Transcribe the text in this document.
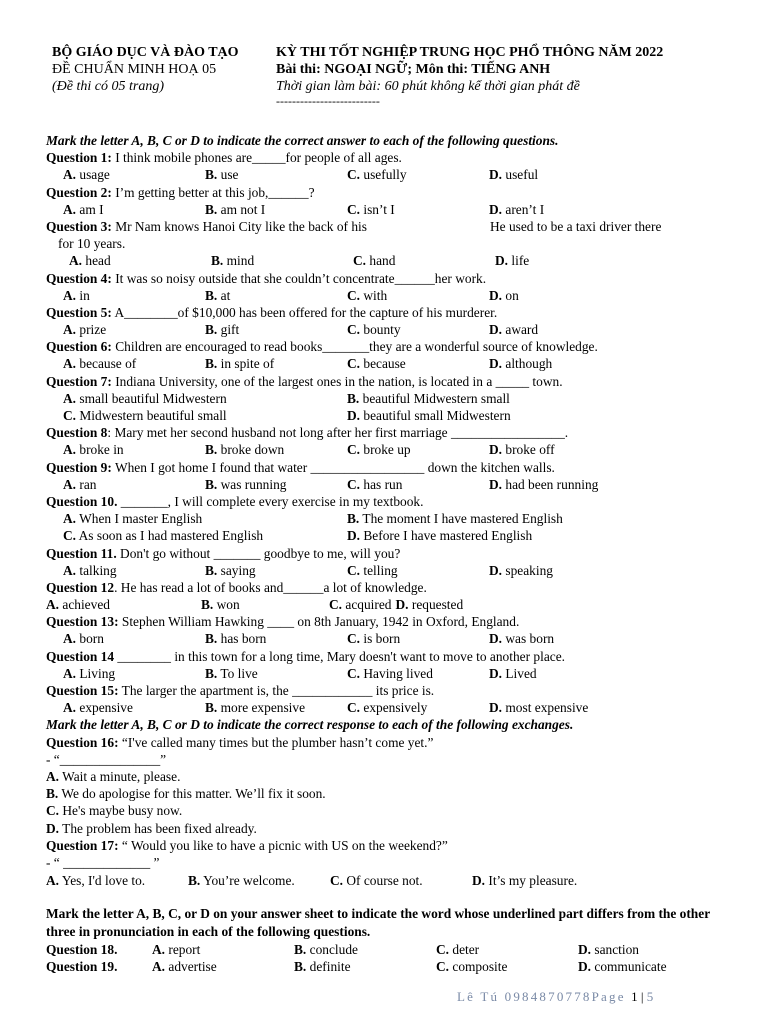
BỘ GIÁO DỤC VÀ ĐÀO TẠO
ĐỀ CHUẨN MINH HOẠ 05
(Đề thi có 05 trang)
KỲ THI TỐT NGHIỆP TRUNG HỌC PHỔ THÔNG NĂM 2022
Bài thi: NGOẠI NGỮ; Môn thi: TIẾNG ANH
Thời gian làm bài: 60 phút không kể thời gian phát đề
--------------------------
Mark the letter A, B, C or D to indicate the correct answer to each of the following questions.
Question 1: I think mobile phones are_____for people of all ages.
A. usage	B. use	C. usefully	D. useful
Question 2: I’m getting better at this job,______?
A. am I	B. am not I	C. isn’t I	D. aren’t I
Question 3: Mr Nam knows Hanoi City like the back of his	He used to be a taxi driver there
for 10 years.
A. head	B. mind	C. hand	D. life
Question 4: It was so noisy outside that she couldn’t concentrate______her work.
A. in	B. at	C. with	D. on
Question 5: A________of $10,000 has been offered for the capture of his murderer.
A. prize	B. gift	C. bounty	D. award
Question 6: Children are encouraged to read books_______they are a wonderful source of knowledge.
A. because of	B. in spite of	C. because	D. although
Question 7: Indiana University, one of the largest ones in the nation, is located in a _____ town.
A. small beautiful Midwestern	B. beautiful Midwestern small
C. Midwestern beautiful small	D. beautiful small Midwestern
Question 8: Mary met her second husband not long after her first marriage _________________.
A. broke in	B. broke down	C. broke up	D. broke off
Question 9: When I got home I found that water _________________ down the kitchen walls.
A. ran	B. was running	C. has run	D. had been running
Question 10. _______, I will complete every exercise in my textbook.
A. When I master English	B. The moment I have mastered English
C. As soon as I had mastered English	D. Before I have mastered English
Question 11. Don't go without _______ goodbye to me, will you?
A. talking	B. saying	C. telling	D. speaking
Question 12. He has read a lot of books and______a lot of knowledge.
A. achieved	B. won	C. acquired D. requested
Question 13: Stephen William Hawking ____ on 8th January, 1942 in Oxford, England.
A. born	B. has born	C. is born	D. was born
Question 14 ________ in this town for a long time, Mary doesn't want to move to another place.
A. Living	B. To live	C. Having lived	D. Lived
Question 15: The larger the apartment is, the ____________ its price is.
A. expensive	B. more expensive	C. expensively	D. most expensive
Mark the letter A, B, C or D to indicate the correct response to each of the following exchanges.
Question 16: “I've called many times but the plumber hasn’t come yet.”
- “_______________”
A. Wait a minute, please.
B. We do apologise for this matter. We’ll fix it soon.
C. He's maybe busy now.
D. The problem has been fixed already.
Question 17: “ Would you like to have a picnic with US on the weekend?”
- “ _____________ ”
A. Yes, I'd love to.	B. You’re welcome.	C. Of course not.	D. It’s my pleasure.
Mark the letter A, B, C, or D on your answer sheet to indicate the word whose underlined part differs from the other three in pronunciation in each of the following questions.
Question 18.	A. report	B. conclude	C. deter	D. sanction
Question 19.	A. advertise	B. definite	C. composite	D. communicate
Lê Tú 0984870778Page 1 | 5
